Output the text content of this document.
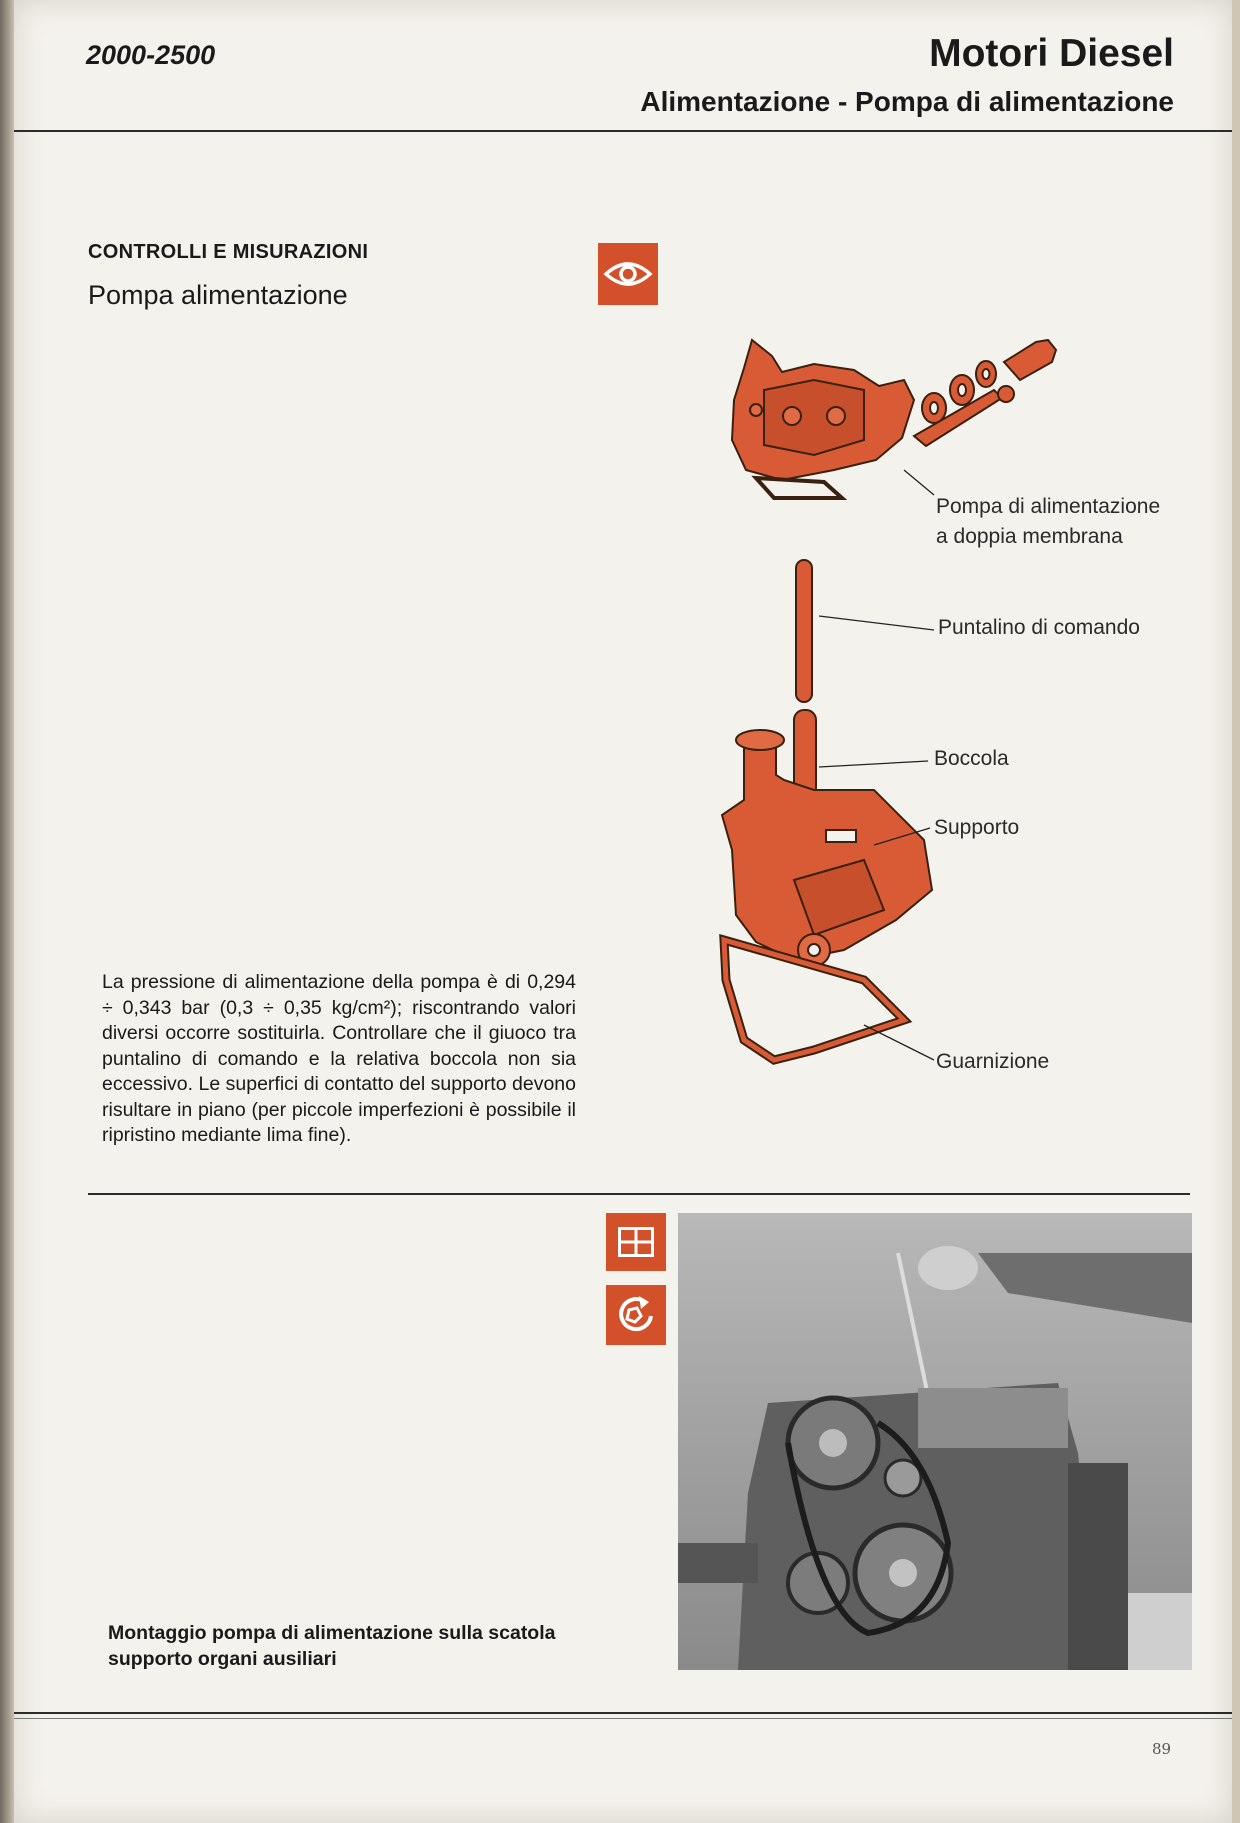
2000-2500	Motori Diesel
Alimentazione - Pompa di alimentazione
CONTROLLI E MISURAZIONI
Pompa alimentazione
Pompa di alimentazione
a doppia membrana
Puntalino di comando
Boccola
Supporto
Guarnizione
La pressione di alimentazione della pompa è di 0,294 ÷ 0,343 bar (0,3 ÷ 0,35 kg/cm²); riscontrando valori diversi occorre sostituirla. Controllare che il giuoco tra puntalino di comando e la relativa boccola non sia eccessivo. Le superfici di contatto del supporto devono risultare in piano (per piccole imperfezioni è possibile il ripristino mediante lima fine).
Montaggio pompa di alimentazione sulla scatola supporto organi ausiliari
89
